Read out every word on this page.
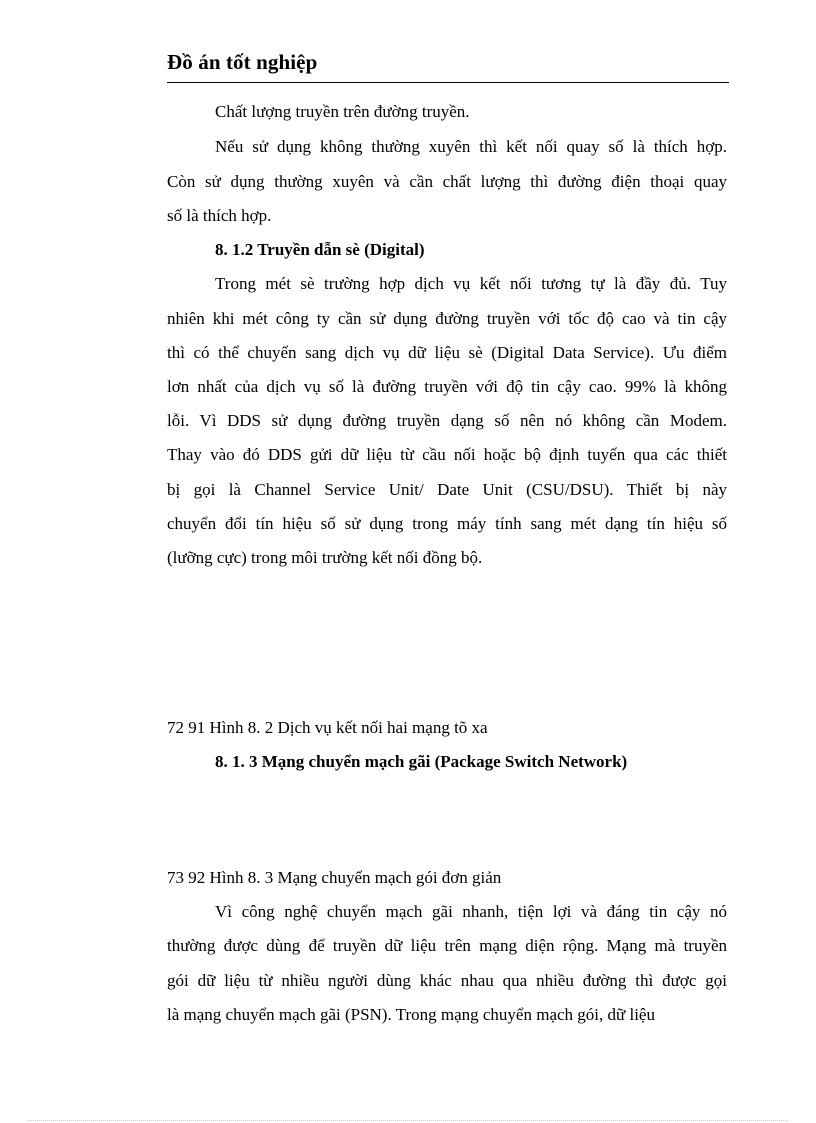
Đồ án tốt nghiệp
Chất lượng truyền trên đường truyền.
Nếu sử dụng không thường xuyên thì kết nối quay số là thích hợp.
Còn sử dụng thường xuyên và cần chất lượng thì đường điện thoại quay
số là thích hợp.
8. 1.2 Truyền dẫn sè (Digital)
Trong mét sè trường hợp dịch vụ kết nối tương tự là đầy đủ. Tuy
nhiên khi mét công ty cần sử dụng đường truyền với tốc độ cao và tin cậy
thì có thể chuyển sang dịch vụ dữ liệu sè (Digital Data Service). Ưu điểm
lơn nhất của dịch vụ số là đường truyền với độ tin cậy cao. 99% là không
lỗi. Vì DDS sử dụng đường truyền dạng số nên nó không cần Modem.
Thay vào đó DDS gửi dữ liệu từ cầu nối hoặc bộ định tuyến qua các thiết
bị gọi là Channel Service Unit/ Date Unit (CSU/DSU). Thiết bị này
chuyển đổi tín hiệu số sử dụng trong máy tính sang mét dạng tín hiệu số
(lưỡng cực) trong môi trường kết nối đồng bộ.
72 91 Hình 8. 2 Dịch vụ kết nối hai mạng tõ xa
8. 1. 3 Mạng chuyển mạch gãi (Package Switch Network)
73 92 Hình 8. 3 Mạng chuyển mạch gói đơn giản
Vì công nghệ chuyển mạch gãi nhanh, tiện lợi và đáng tin cậy nó
thường được dùng để truyền dữ liệu trên mạng diện rộng. Mạng mà truyền
gói dữ liệu từ nhiều người dùng khác nhau qua nhiều đường thì được gọi
là mạng chuyển mạch gãi (PSN). Trong mạng chuyển mạch gói, dữ liệu
